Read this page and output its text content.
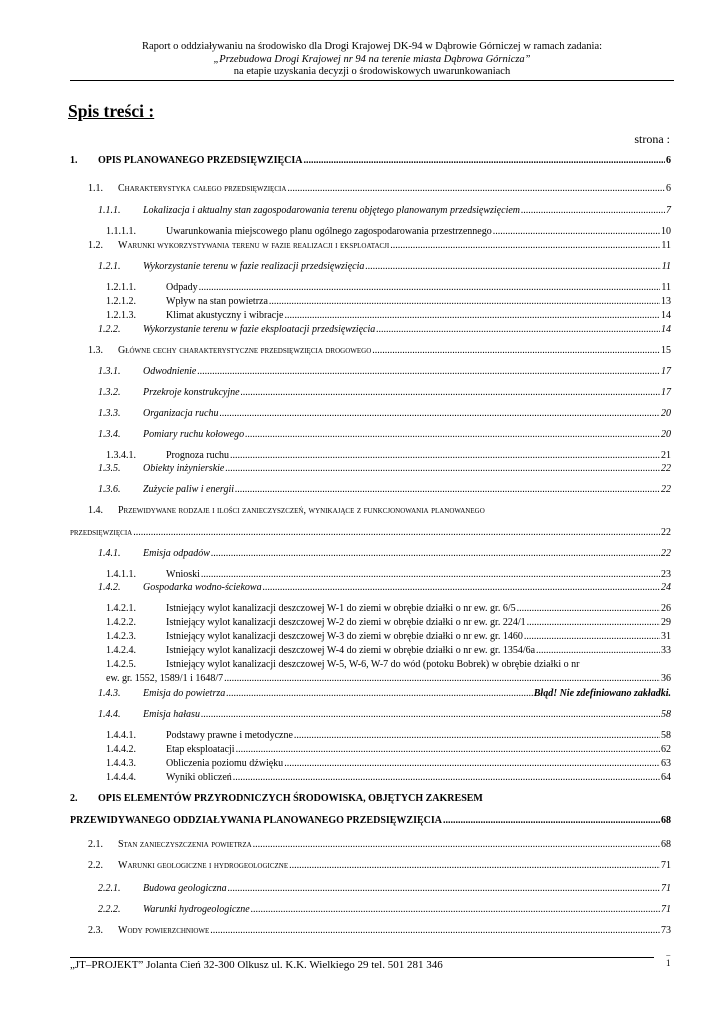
Raport o oddziaływaniu na środowisko dla Drogi Krajowej DK-94 w Dąbrowie Górniczej w ramach zadania:
„Przebudowa Drogi Krajowej nr 94 na terenie miasta Dąbrowa Górnicza”
na etapie uzyskania decyzji o środowiskowych uwarunkowaniach
Spis treści :
strona :
1. OPIS PLANOWANEGO PRZEDSIĘWZIĘCIA .....	6
1.1. Charakterystyka całego przedsięwzięcia .....	6
1.1.1. Lokalizacja i aktualny stan zagospodarowania terenu objętego planowanym przedsięwzięciem .....	7
1.1.1.1.	Uwarunkowania miejscowego planu ogólnego zagospodarowania przestrzennego .....	10
1.2. Warunki wykorzystywania terenu w fazie realizacji i eksploatacji .....	11
1.2.1. Wykorzystanie terenu w fazie realizacji przedsięwzięcia .....	11
1.2.1.1.	Odpady .....	11
1.2.1.2.	Wpływ na stan powietrza .....	13
1.2.1.3.	Klimat akustyczny i wibracje .....	14
1.2.2. Wykorzystanie terenu w fazie eksploatacji przedsięwzięcia .....	14
1.3. Główne cechy charakterystyczne przedsięwzięcia drogowego .....	15
1.3.1. Odwodnienie .....	17
1.3.2. Przekroje konstrukcyjne .....	17
1.3.3. Organizacja ruchu .....	20
1.3.4. Pomiary ruchu kołowego .....	20
1.3.4.1.	Prognoza ruchu .....	21
1.3.5. Obiekty inżynierskie .....	22
1.3.6. Zużycie paliw i energii .....	22
1.4. Przewidywane rodzaje i ilości zanieczyszczeń, wynikające z funkcjonowania planowanego
przedsięwzięcia .....	22
1.4.1. Emisja odpadów .....	22
1.4.1.1.	Wnioski .....	23
1.4.2. Gospodarka wodno-ściekowa .....	24
1.4.2.1.	Istniejący wylot kanalizacji deszczowej W-1 do ziemi w obrębie działki o nr ew. gr. 6/5 .....	26
1.4.2.2.	Istniejący wylot kanalizacji deszczowej W-2 do ziemi w obrębie działki o nr ew. gr. 224/1 .....	29
1.4.2.3.	Istniejący wylot kanalizacji deszczowej W-3 do ziemi w obrębie działki o nr ew. gr. 1460 .....	31
1.4.2.4.	Istniejący wylot kanalizacji deszczowej W-4 do ziemi w obrębie działki o nr ew. gr. 1354/6a .....	33
1.4.2.5.	Istniejący wylot kanalizacji deszczowej W-5, W-6, W-7 do wód (potoku Bobrek) w obrębie działki o nr
ew. gr. 1552, 1589/1 i 1648/7 .....	36
1.4.3. Emisja do powietrza .....	Błąd! Nie zdefiniowano zakładki.
1.4.4. Emisja hałasu .....	58
1.4.4.1.	Podstawy prawne i metodyczne .....	58
1.4.4.2.	Etap eksploatacji .....	62
1.4.4.3.	Obliczenia poziomu dźwięku .....	63
1.4.4.4.	Wyniki obliczeń .....	64
2. OPIS ELEMENTÓW PRZYRODNICZYCH ŚRODOWISKA, OBJĘTYCH ZAKRESEM
PRZEWIDYWANEGO ODDZIAŁYWANIA PLANOWANEGO PRZEDSIĘWZIĘCIA .....	68
2.1. Stan zanieczyszczenia powietrza .....	68
2.2. Warunki geologiczne i hydrogeologiczne .....	71
2.2.1. Budowa geologiczna .....	71
2.2.2. Warunki hydrogeologiczne .....	71
2.3. Wody powierzchniowe .....	73
„JT–PROJEKT” Jolanta Cień 32-300 Olkusz ul. K.K. Wielkiego 29 tel. 501 281 346
–
1
